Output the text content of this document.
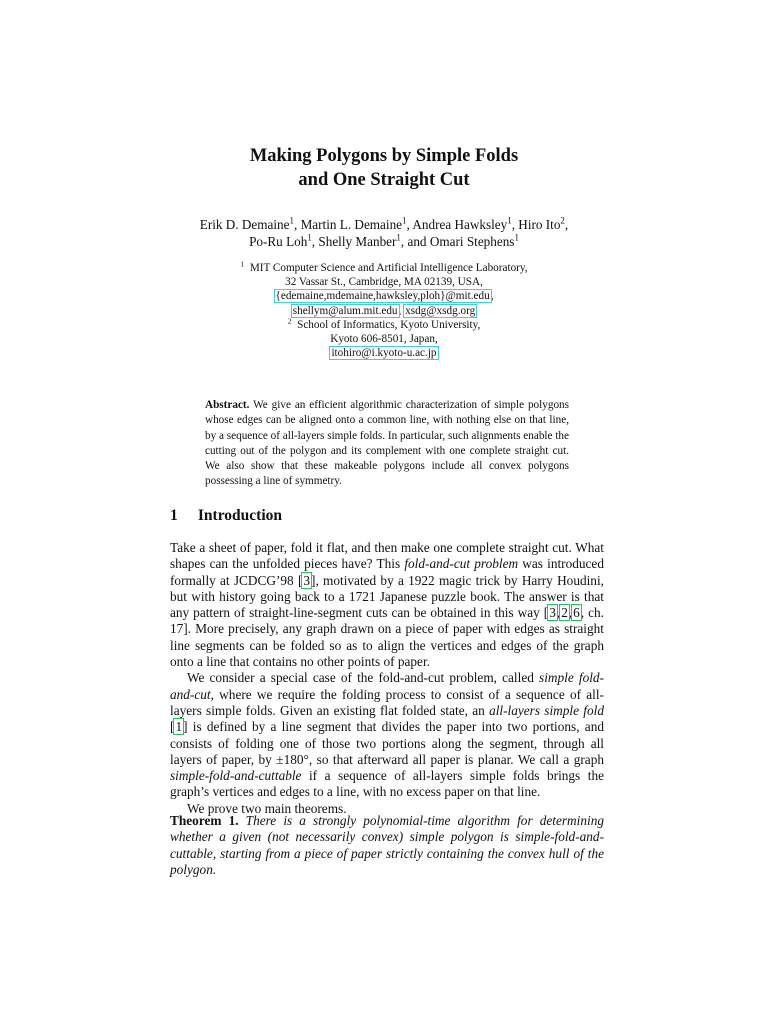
Making Polygons by Simple Folds
and One Straight Cut
Erik D. Demaine$^1$, Martin L. Demaine$^1$, Andrea Hawksley$^1$, Hiro Ito$^2$,
Po-Ru Loh$^1$, Shelly Manber$^1$, and Omari Stephens$^1$
$^1$ MIT Computer Science and Artificial Intelligence Laboratory,
32 Vassar St., Cambridge, MA 02139, USA,
{edemaine,mdemaine,hawksley,ploh}@mit.edu,
shellym@alum.mit.edu, xsdg@xsdg.org
$^2$ School of Informatics, Kyoto University,
Kyoto 606-8501, Japan,
itohiro@i.kyoto-u.ac.jp
Abstract. We give an efficient algorithmic characterization of simple polygons whose edges can be aligned onto a common line, with nothing else on that line, by a sequence of all-layers simple folds. In particular, such alignments enable the cutting out of the polygon and its complement with one complete straight cut. We also show that these makeable polygons include all convex polygons possessing a line of symmetry.
1 Introduction

Take a sheet of paper, fold it flat, and then make one complete straight cut. What shapes can the unfolded pieces have? This fold-and-cut problem was introduced formally at JCDCG’98 [3], motivated by a 1922 magic trick by Harry Houdini, but with history going back to a 1721 Japanese puzzle book. The answer is that any pattern of straight-line-segment cuts can be obtained in this way [3,2,6, ch. 17]. More precisely, any graph drawn on a piece of paper with edges as straight line segments can be folded so as to align the vertices and edges of the graph onto a line that contains no other points of paper.

We consider a special case of the fold-and-cut problem, called simple fold-and-cut, where we require the folding process to consist of a sequence of all-layers simple folds. Given an existing flat folded state, an all-layers simple fold [1] is defined by a line segment that divides the paper into two portions, and consists of folding one of those two portions along the segment, through all layers of paper, by ±180°, so that afterward all paper is planar. We call a graph simple-fold-and-cuttable if a sequence of all-layers simple folds brings the graph’s vertices and edges to a line, with no excess paper on that line.

We prove two main theorems.

Theorem 1. There is a strongly polynomial-time algorithm for determining whether a given (not necessarily convex) simple polygon is simple-fold-and-cuttable, starting from a piece of paper strictly containing the convex hull of the polygon.
